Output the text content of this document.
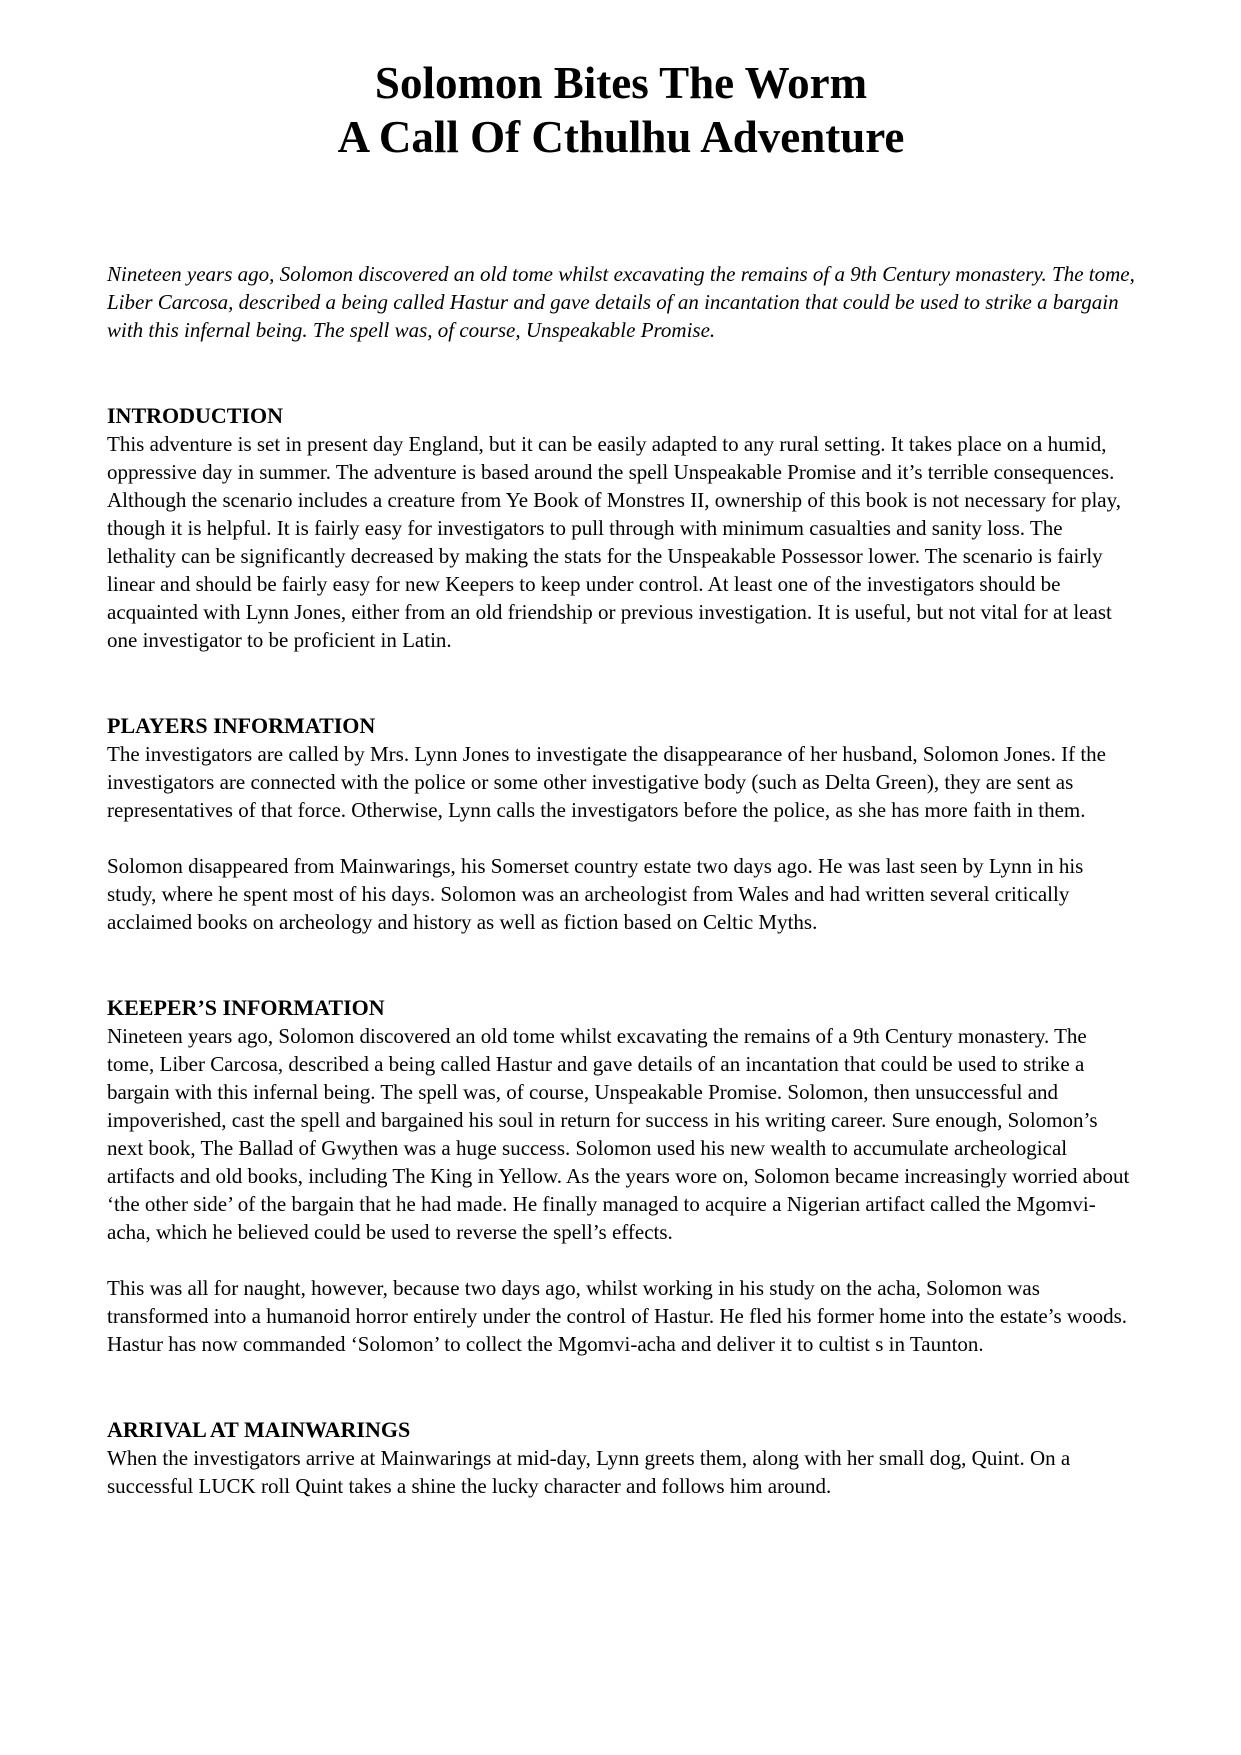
Solomon Bites The Worm
A Call Of Cthulhu Adventure

Nineteen years ago, Solomon discovered an old tome whilst excavating the remains of a 9th Century monastery. The tome, Liber Carcosa, described a being called Hastur and gave details of an incantation that could be used to strike a bargain with this infernal being. The spell was, of course, Unspeakable Promise.

INTRODUCTION

This adventure is set in present day England, but it can be easily adapted to any rural setting. It takes place on a humid, oppressive day in summer. The adventure is based around the spell Unspeakable Promise and it’s terrible consequences. Although the scenario includes a creature from Ye Book of Monstres II, ownership of this book is not necessary for play, though it is helpful. It is fairly easy for investigators to pull through with minimum casualties and sanity loss. The lethality can be significantly decreased by making the stats for the Unspeakable Possessor lower. The scenario is fairly linear and should be fairly easy for new Keepers to keep under control. At least one of the investigators should be acquainted with Lynn Jones, either from an old friendship or previous investigation. It is useful, but not vital for at least one investigator to be proficient in Latin.

PLAYERS INFORMATION

The investigators are called by Mrs. Lynn Jones to investigate the disappearance of her husband, Solomon Jones. If the investigators are connected with the police or some other investigative body (such as Delta Green), they are sent as representatives of that force. Otherwise, Lynn calls the investigators before the police, as she has more faith in them.

Solomon disappeared from Mainwarings, his Somerset country estate two days ago. He was last seen by Lynn in his study, where he spent most of his days. Solomon was an archeologist from Wales and had written several critically acclaimed books on archeology and history as well as fiction based on Celtic Myths.

KEEPER’S INFORMATION

Nineteen years ago, Solomon discovered an old tome whilst excavating the remains of a 9th Century monastery. The tome, Liber Carcosa, described a being called Hastur and gave details of an incantation that could be used to strike a bargain with this infernal being. The spell was, of course, Unspeakable Promise. Solomon, then unsuccessful and impoverished, cast the spell and bargained his soul in return for success in his writing career. Sure enough, Solomon’s next book, The Ballad of Gwythen was a huge success. Solomon used his new wealth to accumulate archeological artifacts and old books, including The King in Yellow. As the years wore on, Solomon became increasingly worried about ‘the other side’ of the bargain that he had made. He finally managed to acquire a Nigerian artifact called the Mgomvi-acha, which he believed could be used to reverse the spell’s effects.

This was all for naught, however, because two days ago, whilst working in his study on the acha, Solomon was transformed into a humanoid horror entirely under the control of Hastur. He fled his former home into the estate’s woods. Hastur has now commanded ‘Solomon’ to collect the Mgomvi-acha and deliver it to cultist s in Taunton.

ARRIVAL AT MAINWARINGS

When the investigators arrive at Mainwarings at mid-day, Lynn greets them, along with her small dog, Quint. On a successful LUCK roll Quint takes a shine the lucky character and follows him around.
